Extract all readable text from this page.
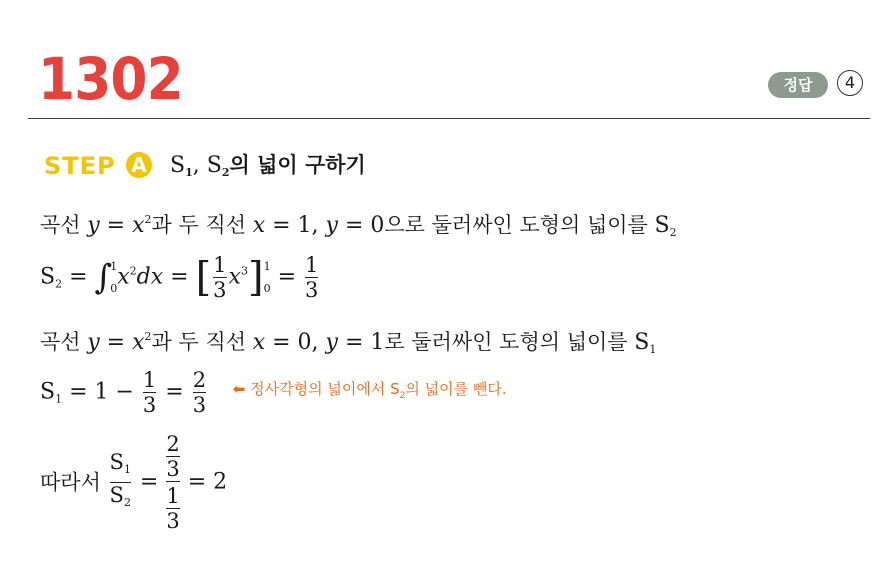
1302	정답	4
STEP A $S_1$, $S_2$의 넓이 구하기
곡선 $y = x^2$과 두 직선 x = 1, y = 0으로 둘러싸인 도형의 넓이를 $S_2$
$S_2$ = ∫
1
0 $x^2dx$ = [ $\frac{1}{3} x^3$] 1
$0 = \frac{1}{3}$
곡선 $y = x^2$과 두 직선 x = 0, y = 1로 둘러싸인 도형의 넓이를 $S_1$
$S_1 = 1 - \frac{1}{3} = \frac{2}{3}$ ⬅ 정사각형의 넓이에서 $S_2$의 넓이를 뺀다.
따라서 $\frac{S_1}{S_2} = \frac{\frac{2}{3}}{\frac{1}{3}} = 2$
